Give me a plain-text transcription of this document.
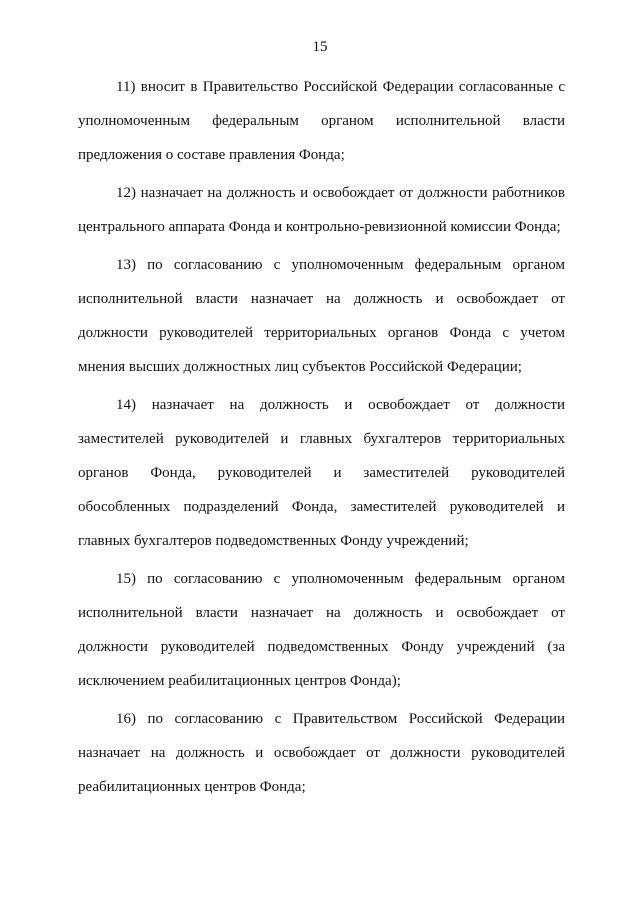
15

11) вносит в Правительство Российской Федерации согласованные с уполномоченным федеральным органом исполнительной власти предложения о составе правления Фонда;

12) назначает на должность и освобождает от должности работников центрального аппарата Фонда и контрольно-ревизионной комиссии Фонда;

13) по согласованию с уполномоченным федеральным органом исполнительной власти назначает на должность и освобождает от должности руководителей территориальных органов Фонда с учетом мнения высших должностных лиц субъектов Российской Федерации;

14) назначает на должность и освобождает от должности заместителей руководителей и главных бухгалтеров территориальных органов Фонда, руководителей и заместителей руководителей обособленных подразделений Фонда, заместителей руководителей и главных бухгалтеров подведомственных Фонду учреждений;

15) по согласованию с уполномоченным федеральным органом исполнительной власти назначает на должность и освобождает от должности руководителей подведомственных Фонду учреждений (за исключением реабилитационных центров Фонда);

16) по согласованию с Правительством Российской Федерации назначает на должность и освобождает от должности руководителей реабилитационных центров Фонда;
